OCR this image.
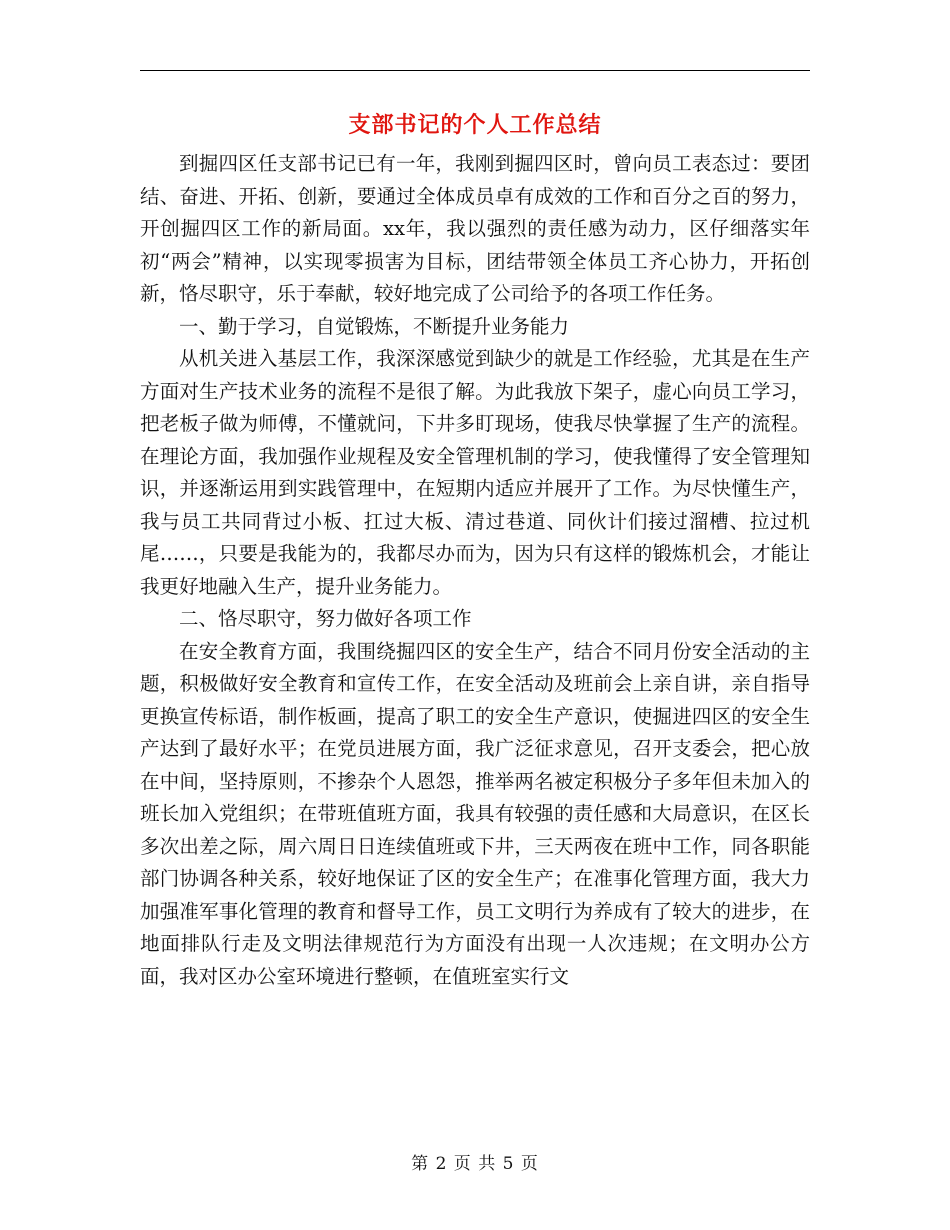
支部书记的个人工作总结

到掘四区任支部书记已有一年，我刚到掘四区时，曾向员工表态过：要团结、奋进、开拓、创新，要通过全体成员卓有成效的工作和百分之百的努力，开创掘四区工作的新局面。xx年，我以强烈的责任感为动力，区仔细落实年初“两会”精神，以实现零损害为目标，团结带领全体员工齐心协力，开拓创新，恪尽职守，乐于奉献，较好地完成了公司给予的各项工作任务。

一、勤于学习，自觉锻炼，不断提升业务能力

从机关进入基层工作，我深深感觉到缺少的就是工作经验，尤其是在生产方面对生产技术业务的流程不是很了解。为此我放下架子，虚心向员工学习，把老板子做为师傅，不懂就问，下井多盯现场，使我尽快掌握了生产的流程。在理论方面，我加强作业规程及安全管理机制的学习，使我懂得了安全管理知识，并逐渐运用到实践管理中，在短期内适应并展开了工作。为尽快懂生产，我与员工共同背过小板、扛过大板、清过巷道、同伙计们接过溜槽、拉过机尾……，只要是我能为的，我都尽办而为，因为只有这样的锻炼机会，才能让我更好地融入生产，提升业务能力。

二、恪尽职守，努力做好各项工作

在安全教育方面，我围绕掘四区的安全生产，结合不同月份安全活动的主题，积极做好安全教育和宣传工作，在安全活动及班前会上亲自讲，亲自指导更换宣传标语，制作板画，提高了职工的安全生产意识，使掘进四区的安全生产达到了最好水平；在党员进展方面，我广泛征求意见，召开支委会，把心放在中间，坚持原则，不掺杂个人恩怨，推举两名被定积极分子多年但未加入的班长加入党组织；在带班值班方面，我具有较强的责任感和大局意识，在区长多次出差之际，周六周日日连续值班或下井，三天两夜在班中工作，同各职能部门协调各种关系，较好地保证了区的安全生产；在准事化管理方面，我大力加强准军事化管理的教育和督导工作，员工文明行为养成有了较大的进步，在地面排队行走及文明法律规范行为方面没有出现一人次违规；在文明办公方面，我对区办公室环境进行整顿，在值班室实行文

第 2 页 共 5 页
